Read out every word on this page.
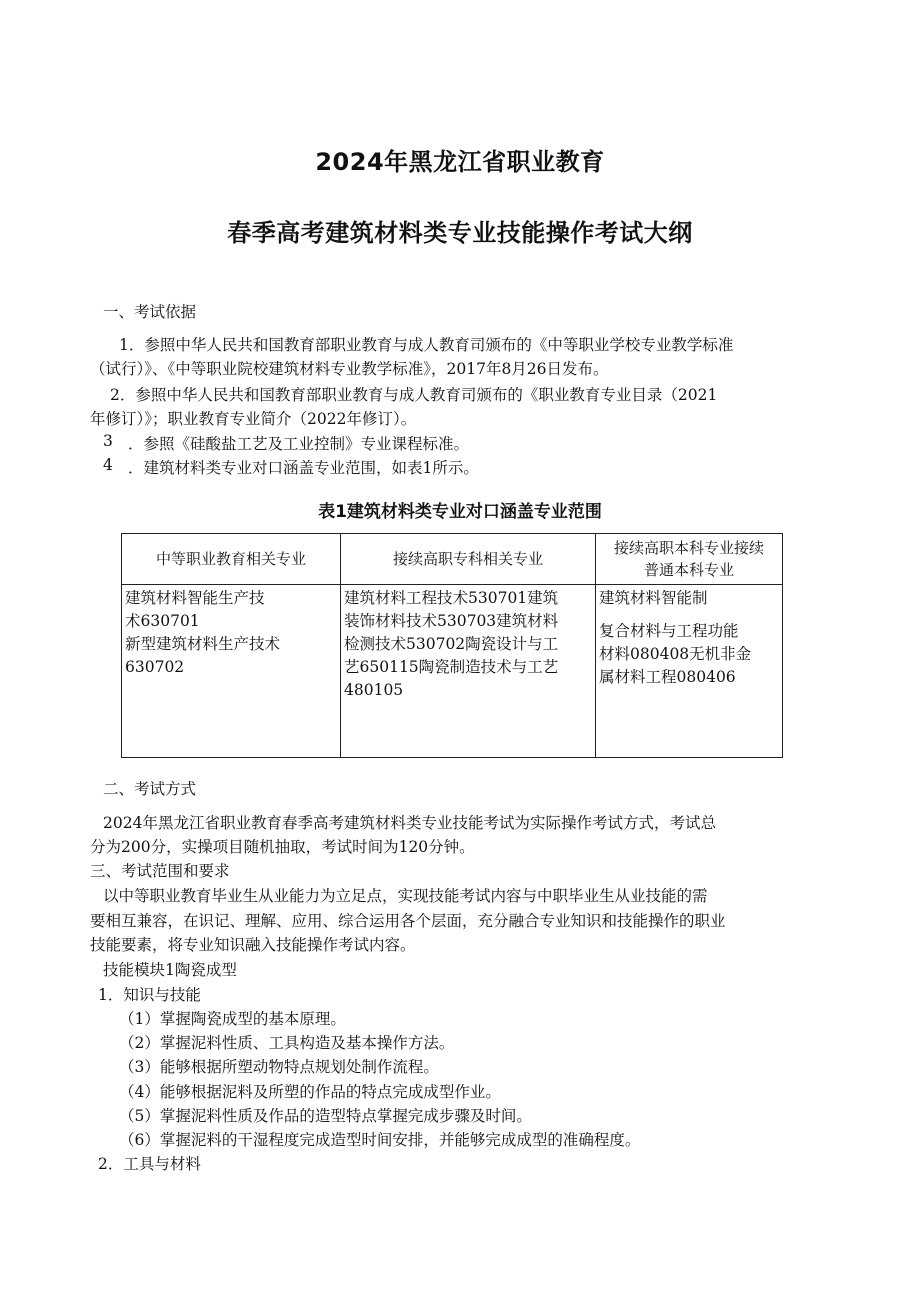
2024年黑龙江省职业教育
春季高考建筑材料类专业技能操作考试大纲
一、考试依据
1．参照中华人民共和国教育部职业教育与成人教育司颁布的《中等职业学校专业教学标准
（试行）》、《中等职业院校建筑材料专业教学标准》，2017年8月26日发布。
2．参照中华人民共和国教育部职业教育与成人教育司颁布的《职业教育专业目录（2021
年修订）》；职业教育专业简介（2022年修订）。
3 ．参照《硅酸盐工艺及工业控制》专业课程标准。
4 ．建筑材料类专业对口涵盖专业范围，如表1所示。
表1建筑材料类专业对口涵盖专业范围
中等职业教育相关专业	接续高职专科相关专业	接续高职本科专业接续
普通本科专业

建筑材料智能生产技
术630701
新型建筑材料生产技术
630702	建筑材料工程技术530701建筑
装饰材料技术530703建筑材料
检测技术530702陶瓷设计与工
艺650115陶瓷制造技术与工艺
480105	建筑材料智能制
复合材料与工程功能
材料080408无机非金
属材料工程080406
二、考试方式
2024年黑龙江省职业教育春季高考建筑材料类专业技能考试为实际操作考试方式，考试总
分为200分，实操项目随机抽取，考试时间为120分钟。
三、考试范围和要求
以中等职业教育毕业生从业能力为立足点，实现技能考试内容与中职毕业生从业技能的需
要相互兼容，在识记、理解、应用、综合运用各个层面，充分融合专业知识和技能操作的职业
技能要素，将专业知识融入技能操作考试内容。
技能模块1陶瓷成型
1．知识与技能
（1）掌握陶瓷成型的基本原理。
（2）掌握泥料性质、工具构造及基本操作方法。
（3）能够根据所塑动物特点规划处制作流程。
（4）能够根据泥料及所塑的作品的特点完成成型作业。
（5）掌握泥料性质及作品的造型特点掌握完成步骤及时间。
（6）掌握泥料的干湿程度完成造型时间安排，并能够完成成型的准确程度。
2．工具与材料
